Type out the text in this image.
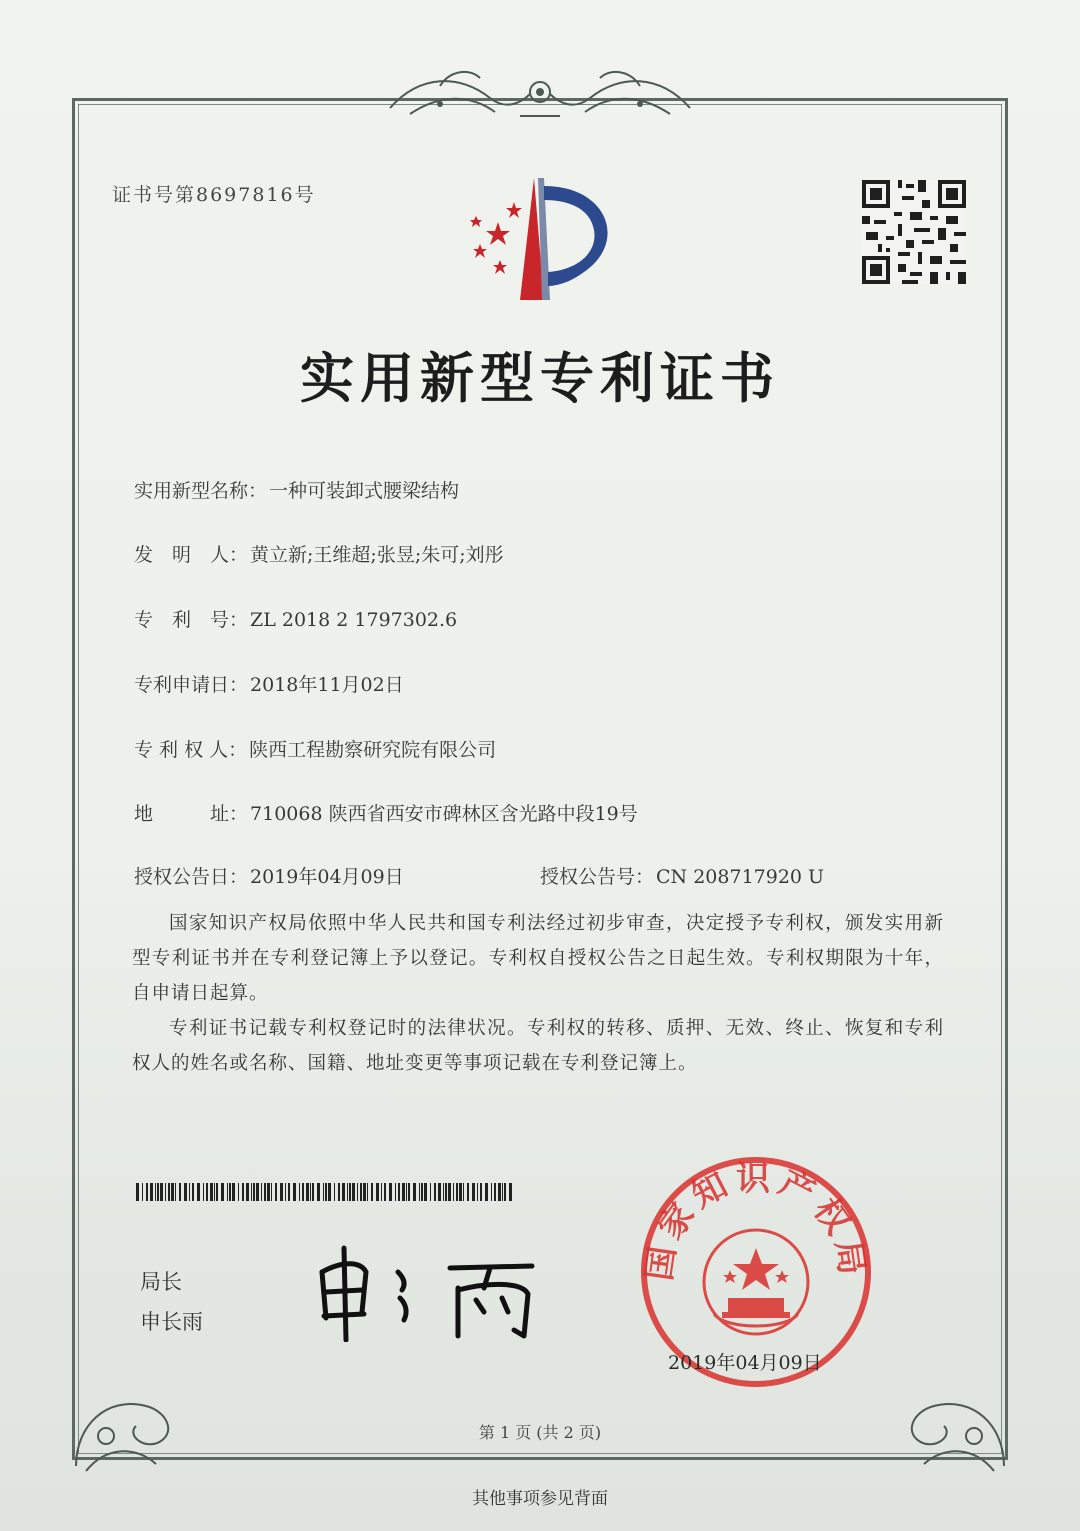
证书号第8697816号
实用新型专利证书
实用新型名称： 一种可装卸式腰梁结构
发　明　人： 黄立新;王维超;张昱;朱可;刘彤
专　利　号： ZL 2018 2 1797302.6
专利申请日： 2018年11月02日
专 利 权 人： 陕西工程勘察研究院有限公司
地　　　址： 710068 陕西省西安市碑林区含光路中段19号
授权公告日： 2019年04月09日	授权公告号： CN 208717920 U
国家知识产权局依照中华人民共和国专利法经过初步审查，决定授予专利权，颁发实用新型专利证书并在专利登记簿上予以登记。专利权自授权公告之日起生效。专利权期限为十年，自申请日起算。
专利证书记载专利权登记时的法律状况。专利权的转移、质押、无效、终止、恢复和专利权人的姓名或名称、国籍、地址变更等事项记载在专利登记簿上。
局长
申长雨
国家知识产权局
2019年04月09日
第 1 页 (共 2 页)
其他事项参见背面
